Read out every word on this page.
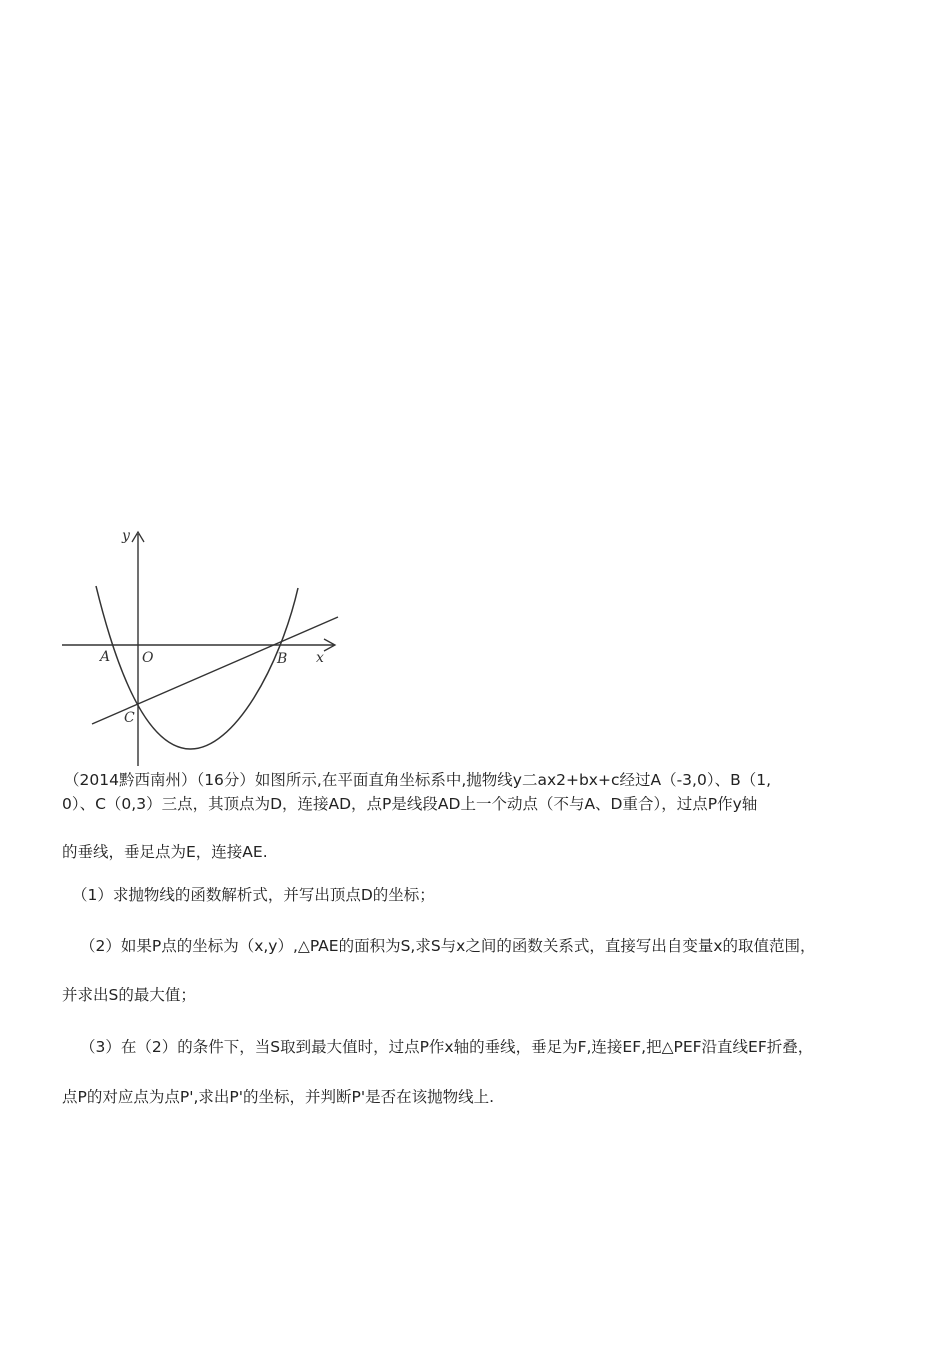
y
x
A O	B
C
（2014黔西南州）（16分）如图所示,在平面直角坐标系中,抛物线y二ax2+bx+c经过A（-3,0）、B（1,
0）、C（0,3）三点，其顶点为D，连接AD，点P是线段AD上一个动点（不与A、D重合），过点P作y轴
的垂线，垂足点为E，连接AE.
（1）求抛物线的函数解析式，并写出顶点D的坐标；
（2）如果P点的坐标为（x,y）,△PAE的面积为S,求S与x之间的函数关系式，直接写出自变量x的取值范围，
并求出S的最大值；
（3）在（2）的条件下，当S取到最大值时，过点P作x轴的垂线，垂足为F,连接EF,把△PEF沿直线EF折叠，
点P的对应点为点P',求出P'的坐标，并判断P'是否在该抛物线上.
